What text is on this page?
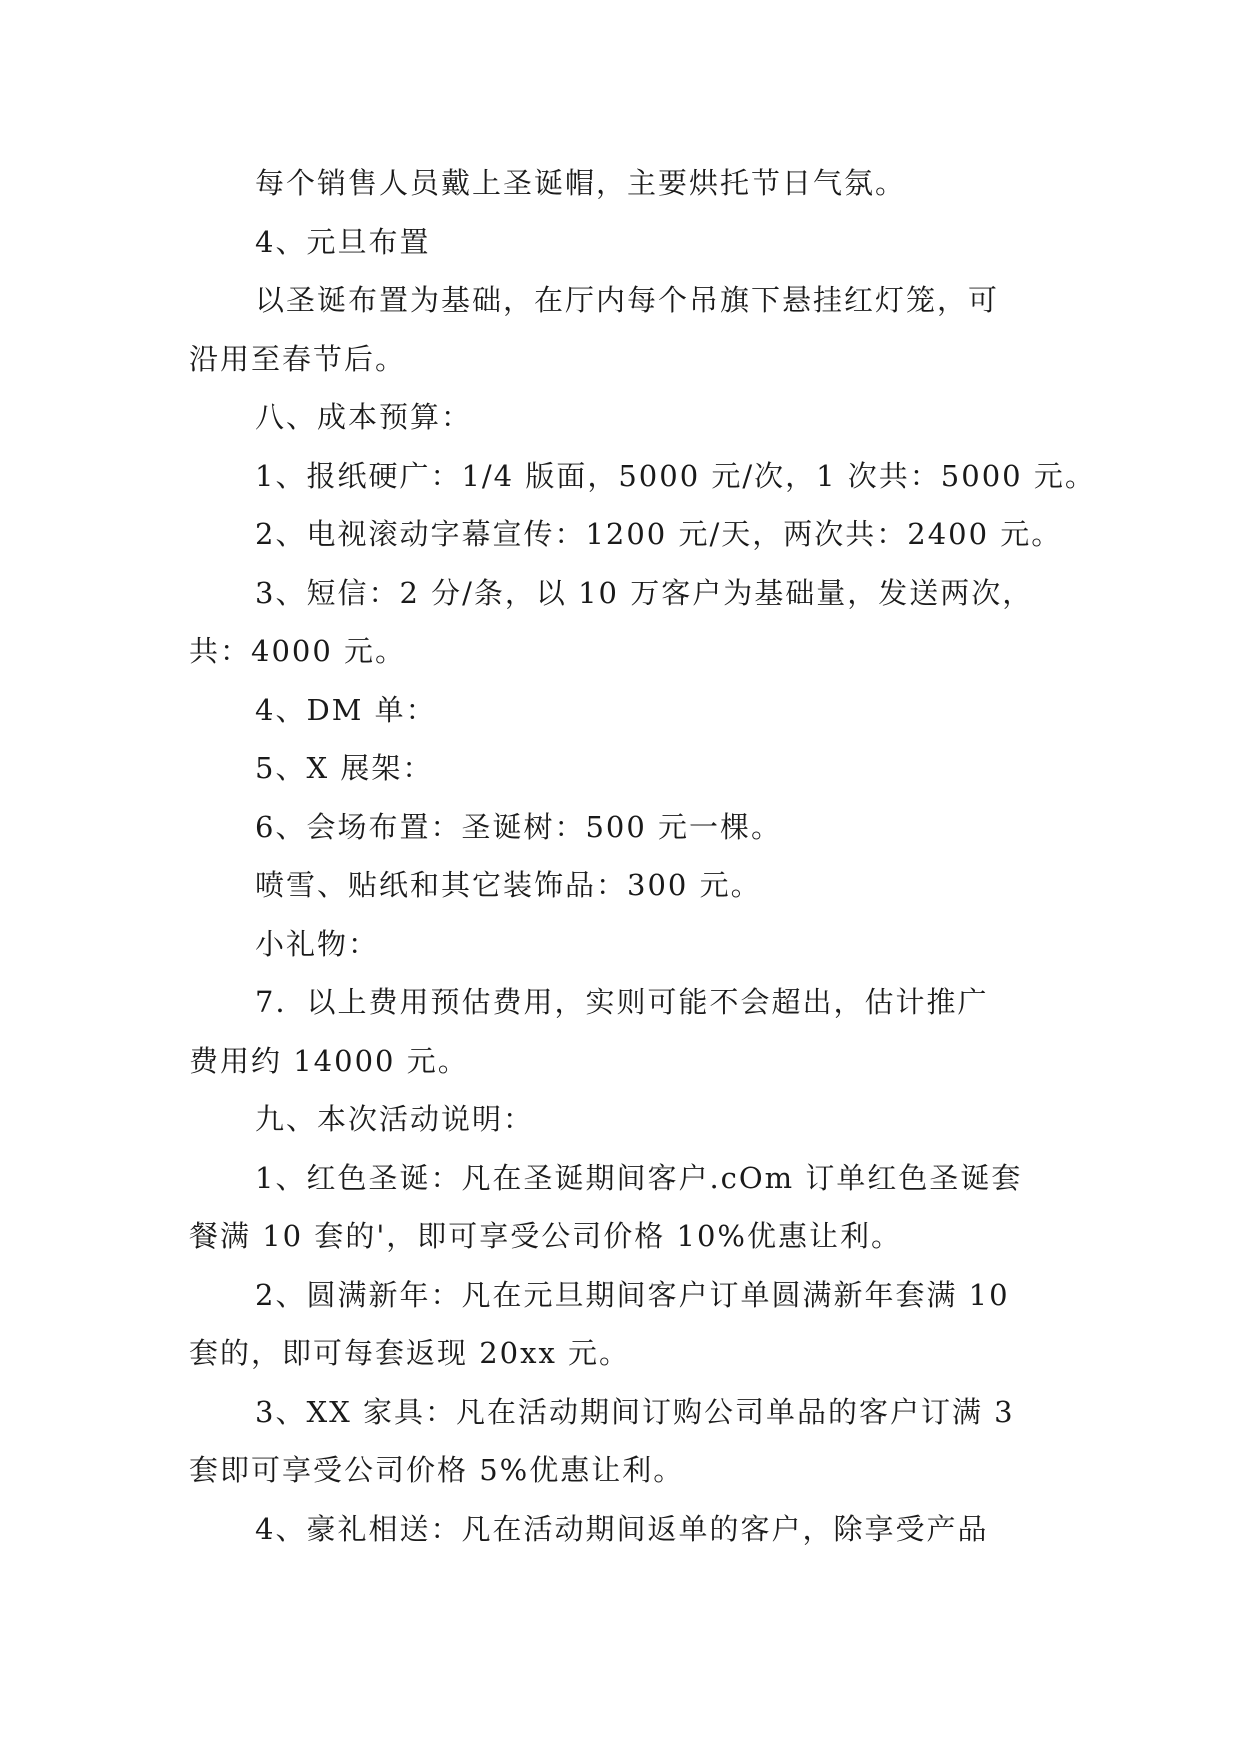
每个销售人员戴上圣诞帽，主要烘托节日气氛。
4、元旦布置
以圣诞布置为基础，在厅内每个吊旗下悬挂红灯笼，可
沿用至春节后。
八、成本预算：
1、报纸硬广：1/4 版面，5000 元/次，1 次共：5000 元。
2、电视滚动字幕宣传：1200 元/天，两次共：2400 元。
3、短信：2 分/条，以 10 万客户为基础量，发送两次，
共：4000 元。
4、DM 单：
5、X 展架：
6、会场布置：圣诞树：500 元一棵。
喷雪、贴纸和其它装饰品：300 元。
小礼物：
7．以上费用预估费用，实则可能不会超出，估计推广
费用约 14000 元。
九、本次活动说明：
1、红色圣诞：凡在圣诞期间客户.cOm 订单红色圣诞套
餐满 10 套的'，即可享受公司价格 10%优惠让利。
2、圆满新年：凡在元旦期间客户订单圆满新年套满 10
套的，即可每套返现 20xx 元。
3、XX 家具：凡在活动期间订购公司单品的客户订满 3
套即可享受公司价格 5%优惠让利。
4、豪礼相送：凡在活动期间返单的客户，除享受产品
